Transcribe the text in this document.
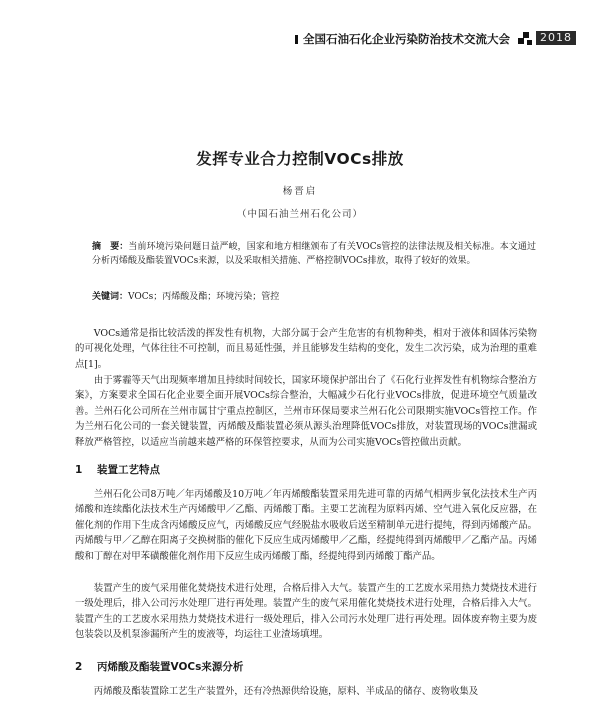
全国石油石化企业污染防治技术交流大会	2018
发挥专业合力控制VOCs排放
杨晋启
（中国石油兰州石化公司）
摘　要：当前环境污染问题日益严峻，国家和地方相继颁布了有关VOCs管控的法律法规及相关标准。本文通过分析丙烯酸及酯装置VOCs来源，以及采取相关措施、严格控制VOCs排放，取得了较好的效果。
关键词：VOCs；丙烯酸及酯；环境污染；管控
VOCs通常是指比较活泼的挥发性有机物，大部分属于会产生危害的有机物种类，相对于液体和固体污染物的可视化处理，气体往往不可控制，而且易延性强，并且能够发生结构的变化，发生二次污染，成为治理的重难点[1]。
由于雾霾等天气出现频率增加且持续时间较长，国家环境保护部出台了《石化行业挥发性有机物综合整治方案》，方案要求全国石化企业要全面开展VOCs综合整治，大幅减少石化行业VOCs排放，促进环境空气质量改善。兰州石化公司所在兰州市属甘宁重点控制区，兰州市环保局要求兰州石化公司限期实施VOCs管控工作。作为兰州石化公司的一套关键装置，丙烯酸及酯装置必须从源头治理降低VOCs排放，对装置现场的VOCs泄漏或释放严格管控，以适应当前越来越严格的环保管控要求，从而为公司实施VOCs管控做出贡献。
1 装置工艺特点
兰州石化公司8万吨／年丙烯酸及10万吨／年丙烯酸酯装置采用先进可靠的丙烯气相两步氧化法技术生产丙烯酸和连续酯化法技术生产丙烯酸甲／乙酯、丙烯酸丁酯。主要工艺流程为原料丙烯、空气进入氧化反应器，在催化剂的作用下生成含丙烯酸反应气，丙烯酸反应气经脱盐水吸收后送至精制单元进行提纯，得到丙烯酸产品。丙烯酸与甲／乙醇在阳离子交换树脂的催化下反应生成丙烯酸甲／乙酯，经提纯得到丙烯酸甲／乙酯产品。丙烯酸和丁醇在对甲苯磺酸催化剂作用下反应生成丙烯酸丁酯，经提纯得到丙烯酸丁酯产品。
装置产生的废气采用催化焚烧技术进行处理，合格后排入大气。装置产生的工艺废水采用热力焚烧技术进行一级处理后，排入公司污水处理厂进行再处理。装置产生的废气采用催化焚烧技术进行处理，合格后排入大气。装置产生的工艺废水采用热力焚烧技术进行一级处理后，排入公司污水处理厂进行再处理。固体废弃物主要为废包装袋以及机泵渗漏所产生的废液等，均运往工业渣场填埋。
2 丙烯酸及酯装置VOCs来源分析
丙烯酸及酯装置除工艺生产装置外，还有冷热源供给设施，原料、半成品的储存、废物收集及
